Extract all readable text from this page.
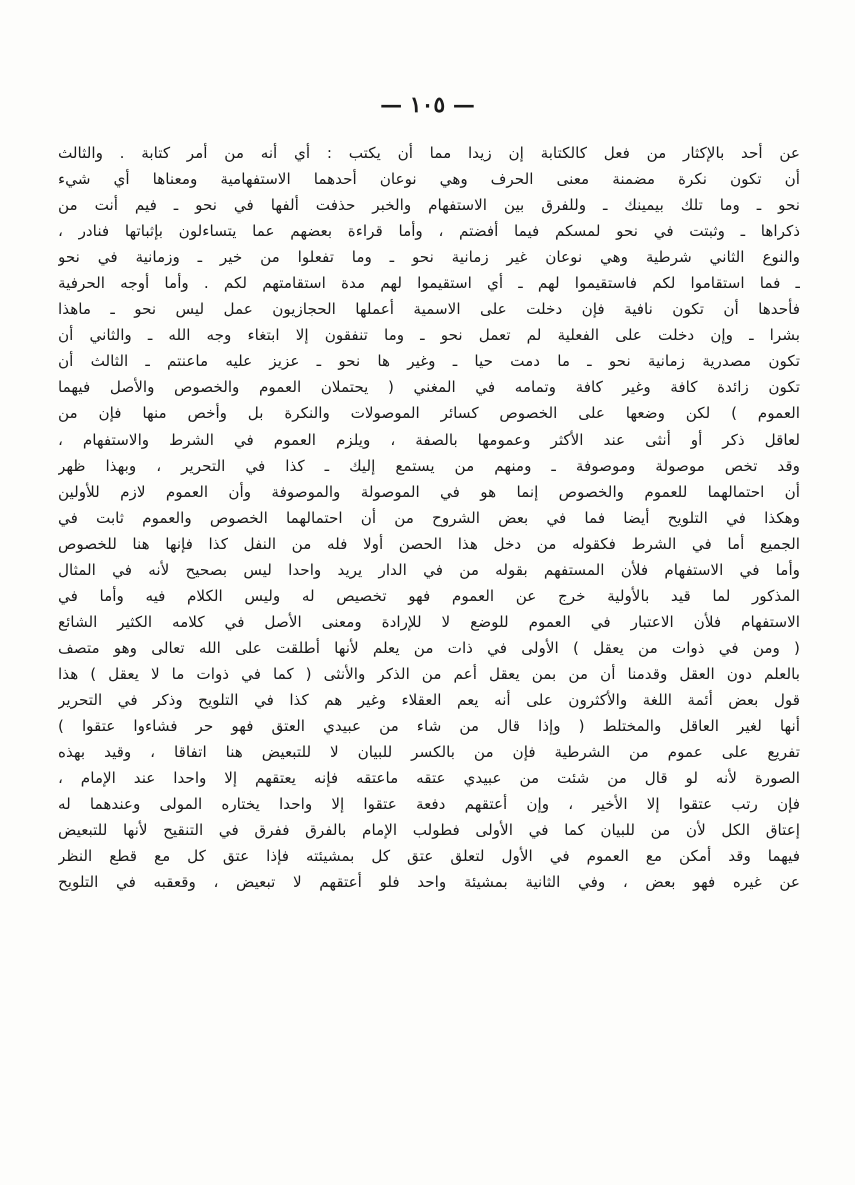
— ١٠٥ —
عن أحد بالإكثار من فعل كالكتابة إن زيدا مما أن يكتب : أي أنه من أمر كتابة . والثالث
أن تكون نكرة مضمنة معنى الحرف وهي نوعان أحدهما الاستفهامية ومعناها أي شيء
نحو ـ وما تلك بيمينك ـ وللفرق بين الاستفهام والخبر حذفت ألفها في نحو ـ فيم أنت من
ذكراها ـ وثبتت في نحو لمسكم فيما أفضتم ، وأما قراءة بعضهم عما يتساءلون بإثباتها فنادر ،
والنوع الثاني شرطية وهي نوعان غير زمانية نحو ـ وما تفعلوا من خير ـ وزمانية في نحو
ـ فما استقاموا لكم فاستقيموا لهم ـ أي استقيموا لهم مدة استقامتهم لكم . وأما أوجه الحرفية
فأحدها أن تكون نافية فإن دخلت على الاسمية أعملها الحجازيون عمل ليس نحو ـ ماهذا
بشرا ـ وإن دخلت على الفعلية لم تعمل نحو ـ وما تنفقون إلا ابتغاء وجه الله ـ والثاني أن
تكون مصدرية زمانية نحو ـ ما دمت حيا ـ وغير ها نحو ـ عزيز عليه ماعنتم ـ الثالث أن
تكون زائدة كافة وغير كافة وتمامه في المغني ( يحتملان العموم والخصوص والأصل فيهما
العموم ) لكن وضعها على الخصوص كسائر الموصولات والنكرة بل وأخص منها فإن من
لعاقل ذكر أو أنثى عند الأكثر وعمومها بالصفة ، ويلزم العموم في الشرط والاستفهام ،
وقد تخص موصولة وموصوفة ـ ومنهم من يستمع إليك ـ كذا في التحرير ، وبهذا ظهر
أن احتمالهما للعموم والخصوص إنما هو في الموصولة والموصوفة وأن العموم لازم للأولين
وهكذا في التلويح أيضا فما في بعض الشروح من أن احتمالهما الخصوص والعموم ثابت في
الجميع أما في الشرط فكقوله من دخل هذا الحصن أولا فله من النفل كذا فإنها هنا للخصوص
وأما في الاستفهام فلأن المستفهم بقوله من في الدار يريد واحدا ليس بصحيح لأنه في المثال
المذكور لما قيد بالأولية خرج عن العموم فهو تخصيص له وليس الكلام فيه وأما في
الاستفهام فلأن الاعتبار في العموم للوضع لا للإرادة ومعنى الأصل في كلامه الكثير الشائع
( ومن في ذوات من يعقل ) الأولى في ذات من يعلم لأنها أطلقت على الله تعالى وهو متصف
بالعلم دون العقل وقدمنا أن من بمن يعقل أعم من الذكر والأنثى ( كما في ذوات ما لا يعقل ) هذا
قول بعض أئمة اللغة والأكثرون على أنه يعم العقلاء وغير هم كذا في التلويح وذكر في التحرير
أنها لغير العاقل والمختلط ( وإذا قال من شاء من عبيدي العتق فهو حر فشاءوا عتقوا )
تفريع على عموم من الشرطية فإن من بالكسر للبيان لا للتبعيض هنا اتفاقا ، وقيد بهذه
الصورة لأنه لو قال من شئت من عبيدي عتقه ماعتقه فإنه يعتقهم إلا واحدا عند الإمام ،
فإن رتب عتقوا إلا الأخير ، وإن أعتقهم دفعة عتقوا إلا واحدا يختاره المولى وعندهما له
إعتاق الكل لأن من للبيان كما في الأولى فطولب الإمام بالفرق ففرق في التنقيح لأنها للتبعيض
فيهما وقد أمكن مع العموم في الأول لتعلق عتق كل بمشيئته فإذا عتق كل مع قطع النظر
عن غيره فهو بعض ، وفي الثانية بمشيئة واحد فلو أعتقهم لا تبعيض ، وقعقبه في التلويح
